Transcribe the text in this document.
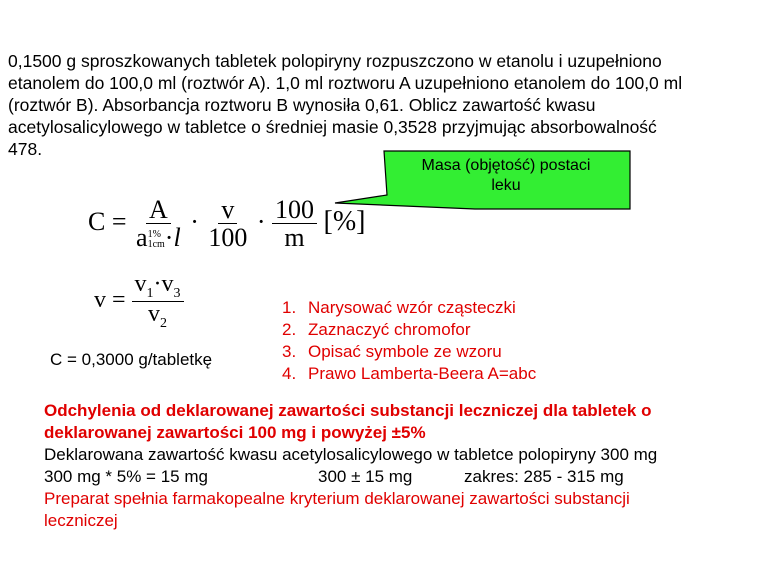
0,1500 g sproszkowanych tabletek polopiryny rozpuszczono w etanolu i uzupełniono
etanolem do 100,0 ml (roztwór A). 1,0 ml roztworu A uzupełniono etanolem do 100,0 ml
(roztwór B). Absorbancja roztworu B wynosiła 0,61. Oblicz zawartość kwasu
acetylosalicylowego w tabletce o średniej masie 0,3528 przyjmując absorbowalność
478.
Masa (objętość) postaci
leku
C = A
a 1%
$1cm \cdot l \cdot \frac{v}{100} \cdot \frac{100}{m}$ [%]
$v = \frac{v_1\cdot v_3}{v_2}$	1. Narysować wzór cząsteczki
2. Zaznaczyć chromofor
3. Opisać symbole ze wzoru
4. Prawo Lamberta-Beera A=abc
C = 0,3000 g/tabletkę
Odchylenia od deklarowanej zawartości substancji leczniczej dla tabletek o
deklarowanej zawartości 100 mg i powyżej ±5%
Deklarowana zawartość kwasu acetylosalicylowego w tabletce polopiryny 300 mg
300 mg * 5% = 15 mg	300 ± 15 mg	zakres: 285 - 315 mg
Preparat spełnia farmakopealne kryterium deklarowanej zawartości substancji
leczniczej
